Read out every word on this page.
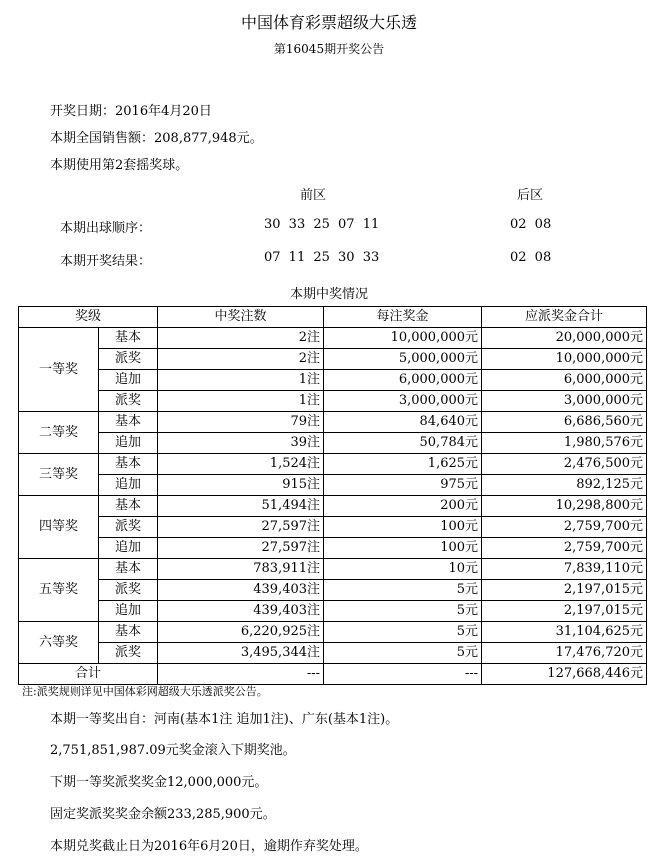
中国体育彩票超级大乐透
第16045期开奖公告
开奖日期：2016年4月20日
本期全国销售额：208,877,948元。
本期使用第2套摇奖球。
前区	后区
本期出球顺序：	30 33 25 07 11	02 08
本期开奖结果：	07 11 25 30 33	02 08
本期中奖情况
奖级		中奖注数	每注奖金	应派奖金合计
一等奖	基本	2注	10,000,000元	20,000,000元
	派奖	2注	5,000,000元	10,000,000元
	追加	1注	6,000,000元	6,000,000元
	派奖	1注	3,000,000元	3,000,000元
二等奖	基本	79注	84,640元	6,686,560元
	追加	39注	50,784元	1,980,576元
三等奖	基本	1,524注	1,625元	2,476,500元
	追加	915注	975元	892,125元
四等奖	基本	51,494注	200元	10,298,800元
	派奖	27,597注	100元	2,759,700元
	追加	27,597注	100元	2,759,700元
五等奖	基本	783,911注	10元	7,839,110元
	派奖	439,403注	5元	2,197,015元
	追加	439,403注	5元	2,197,015元
六等奖	基本	6,220,925注	5元	31,104,625元
	派奖	3,495,344注	5元	17,476,720元
合计		---	---	127,668,446元
注:派奖规则详见中国体彩网超级大乐透派奖公告。
本期一等奖出自：河南(基本1注 追加1注)、广东(基本1注)。
2,751,851,987.09元奖金滚入下期奖池。
下期一等奖派奖奖金12,000,000元。
固定奖派奖奖金余额233,285,900元。
本期兑奖截止日为2016年6月20日，逾期作弃奖处理。
